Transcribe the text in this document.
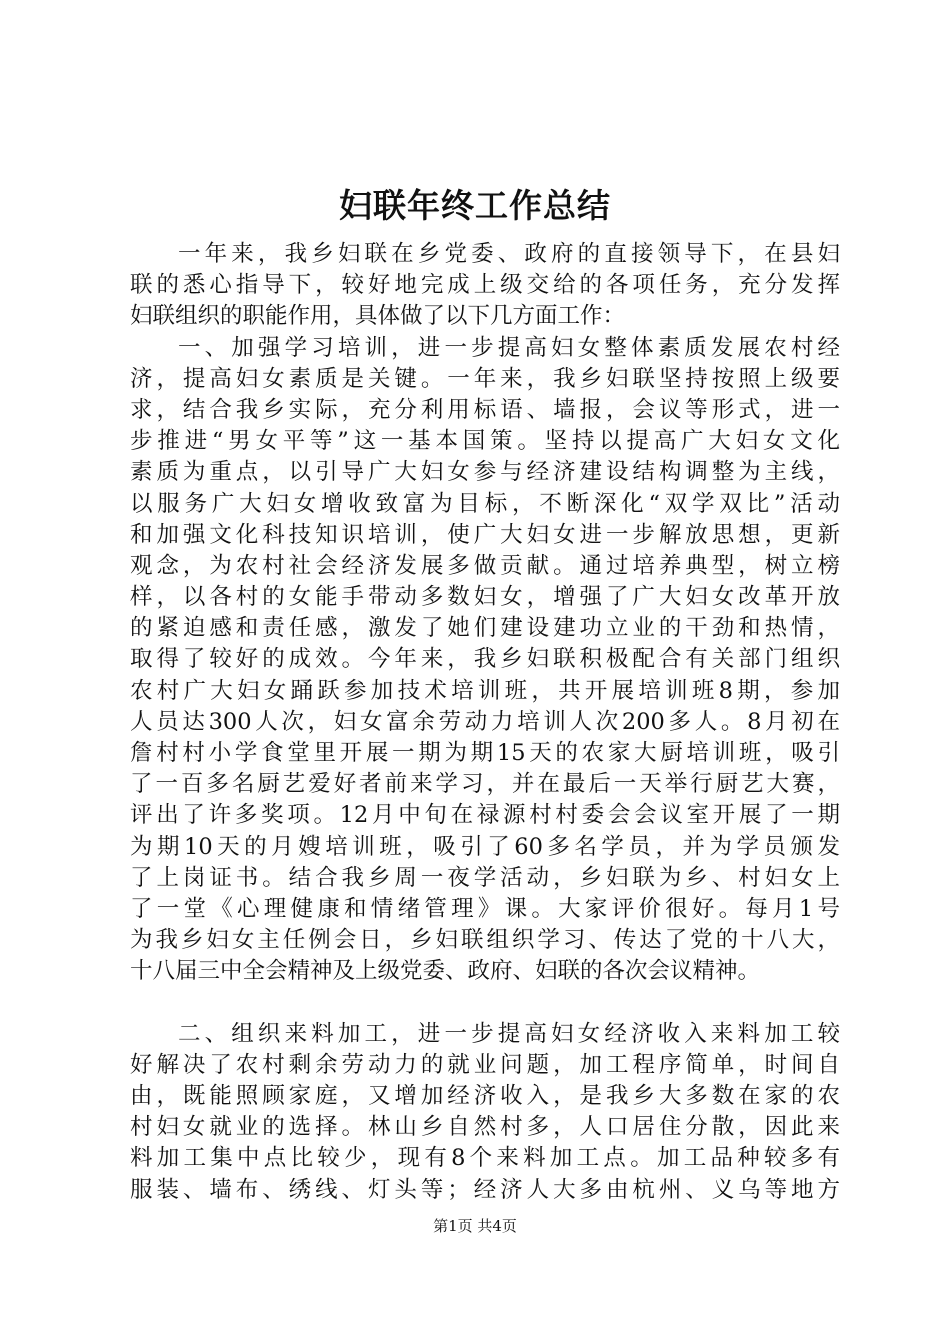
妇联年终工作总结
一年来，我乡妇联在乡党委、政府的直接领导下，在县妇
联的悉心指导下，较好地完成上级交给的各项任务，充分发挥
妇联组织的职能作用，具体做了以下几方面工作：
一、加强学习培训，进一步提高妇女整体素质发展农村经
济，提高妇女素质是关键。一年来，我乡妇联坚持按照上级要
求，结合我乡实际，充分利用标语、墙报，会议等形式，进一
步推进“男女平等”这一基本国策。坚持以提高广大妇女文化
素质为重点，以引导广大妇女参与经济建设结构调整为主线，
以服务广大妇女增收致富为目标，不断深化“双学双比”活动
和加强文化科技知识培训，使广大妇女进一步解放思想，更新
观念，为农村社会经济发展多做贡献。通过培养典型，树立榜
样，以各村的女能手带动多数妇女，增强了广大妇女改革开放
的紧迫感和责任感，激发了她们建设建功立业的干劲和热情，
取得了较好的成效。今年来，我乡妇联积极配合有关部门组织
农村广大妇女踊跃参加技术培训班，共开展培训班8期，参加
人员达300人次，妇女富余劳动力培训人次200多人。8月初在
詹村村小学食堂里开展一期为期15天的农家大厨培训班，吸引
了一百多名厨艺爱好者前来学习，并在最后一天举行厨艺大赛，
评出了许多奖项。12月中旬在禄源村村委会会议室开展了一期
为期10天的月嫂培训班，吸引了60多名学员，并为学员颁发
了上岗证书。结合我乡周一夜学活动，乡妇联为乡、村妇女上
了一堂《心理健康和情绪管理》课。大家评价很好。每月1号
为我乡妇女主任例会日，乡妇联组织学习、传达了党的十八大，
十八届三中全会精神及上级党委、政府、妇联的各次会议精神。
二、组织来料加工，进一步提高妇女经济收入来料加工较
好解决了农村剩余劳动力的就业问题，加工程序简单，时间自
由，既能照顾家庭，又增加经济收入，是我乡大多数在家的农
村妇女就业的选择。林山乡自然村多，人口居住分散，因此来
料加工集中点比较少，现有8个来料加工点。加工品种较多有
服装、墙布、绣线、灯头等；经济人大多由杭州、义乌等地方
第1页 共4页
